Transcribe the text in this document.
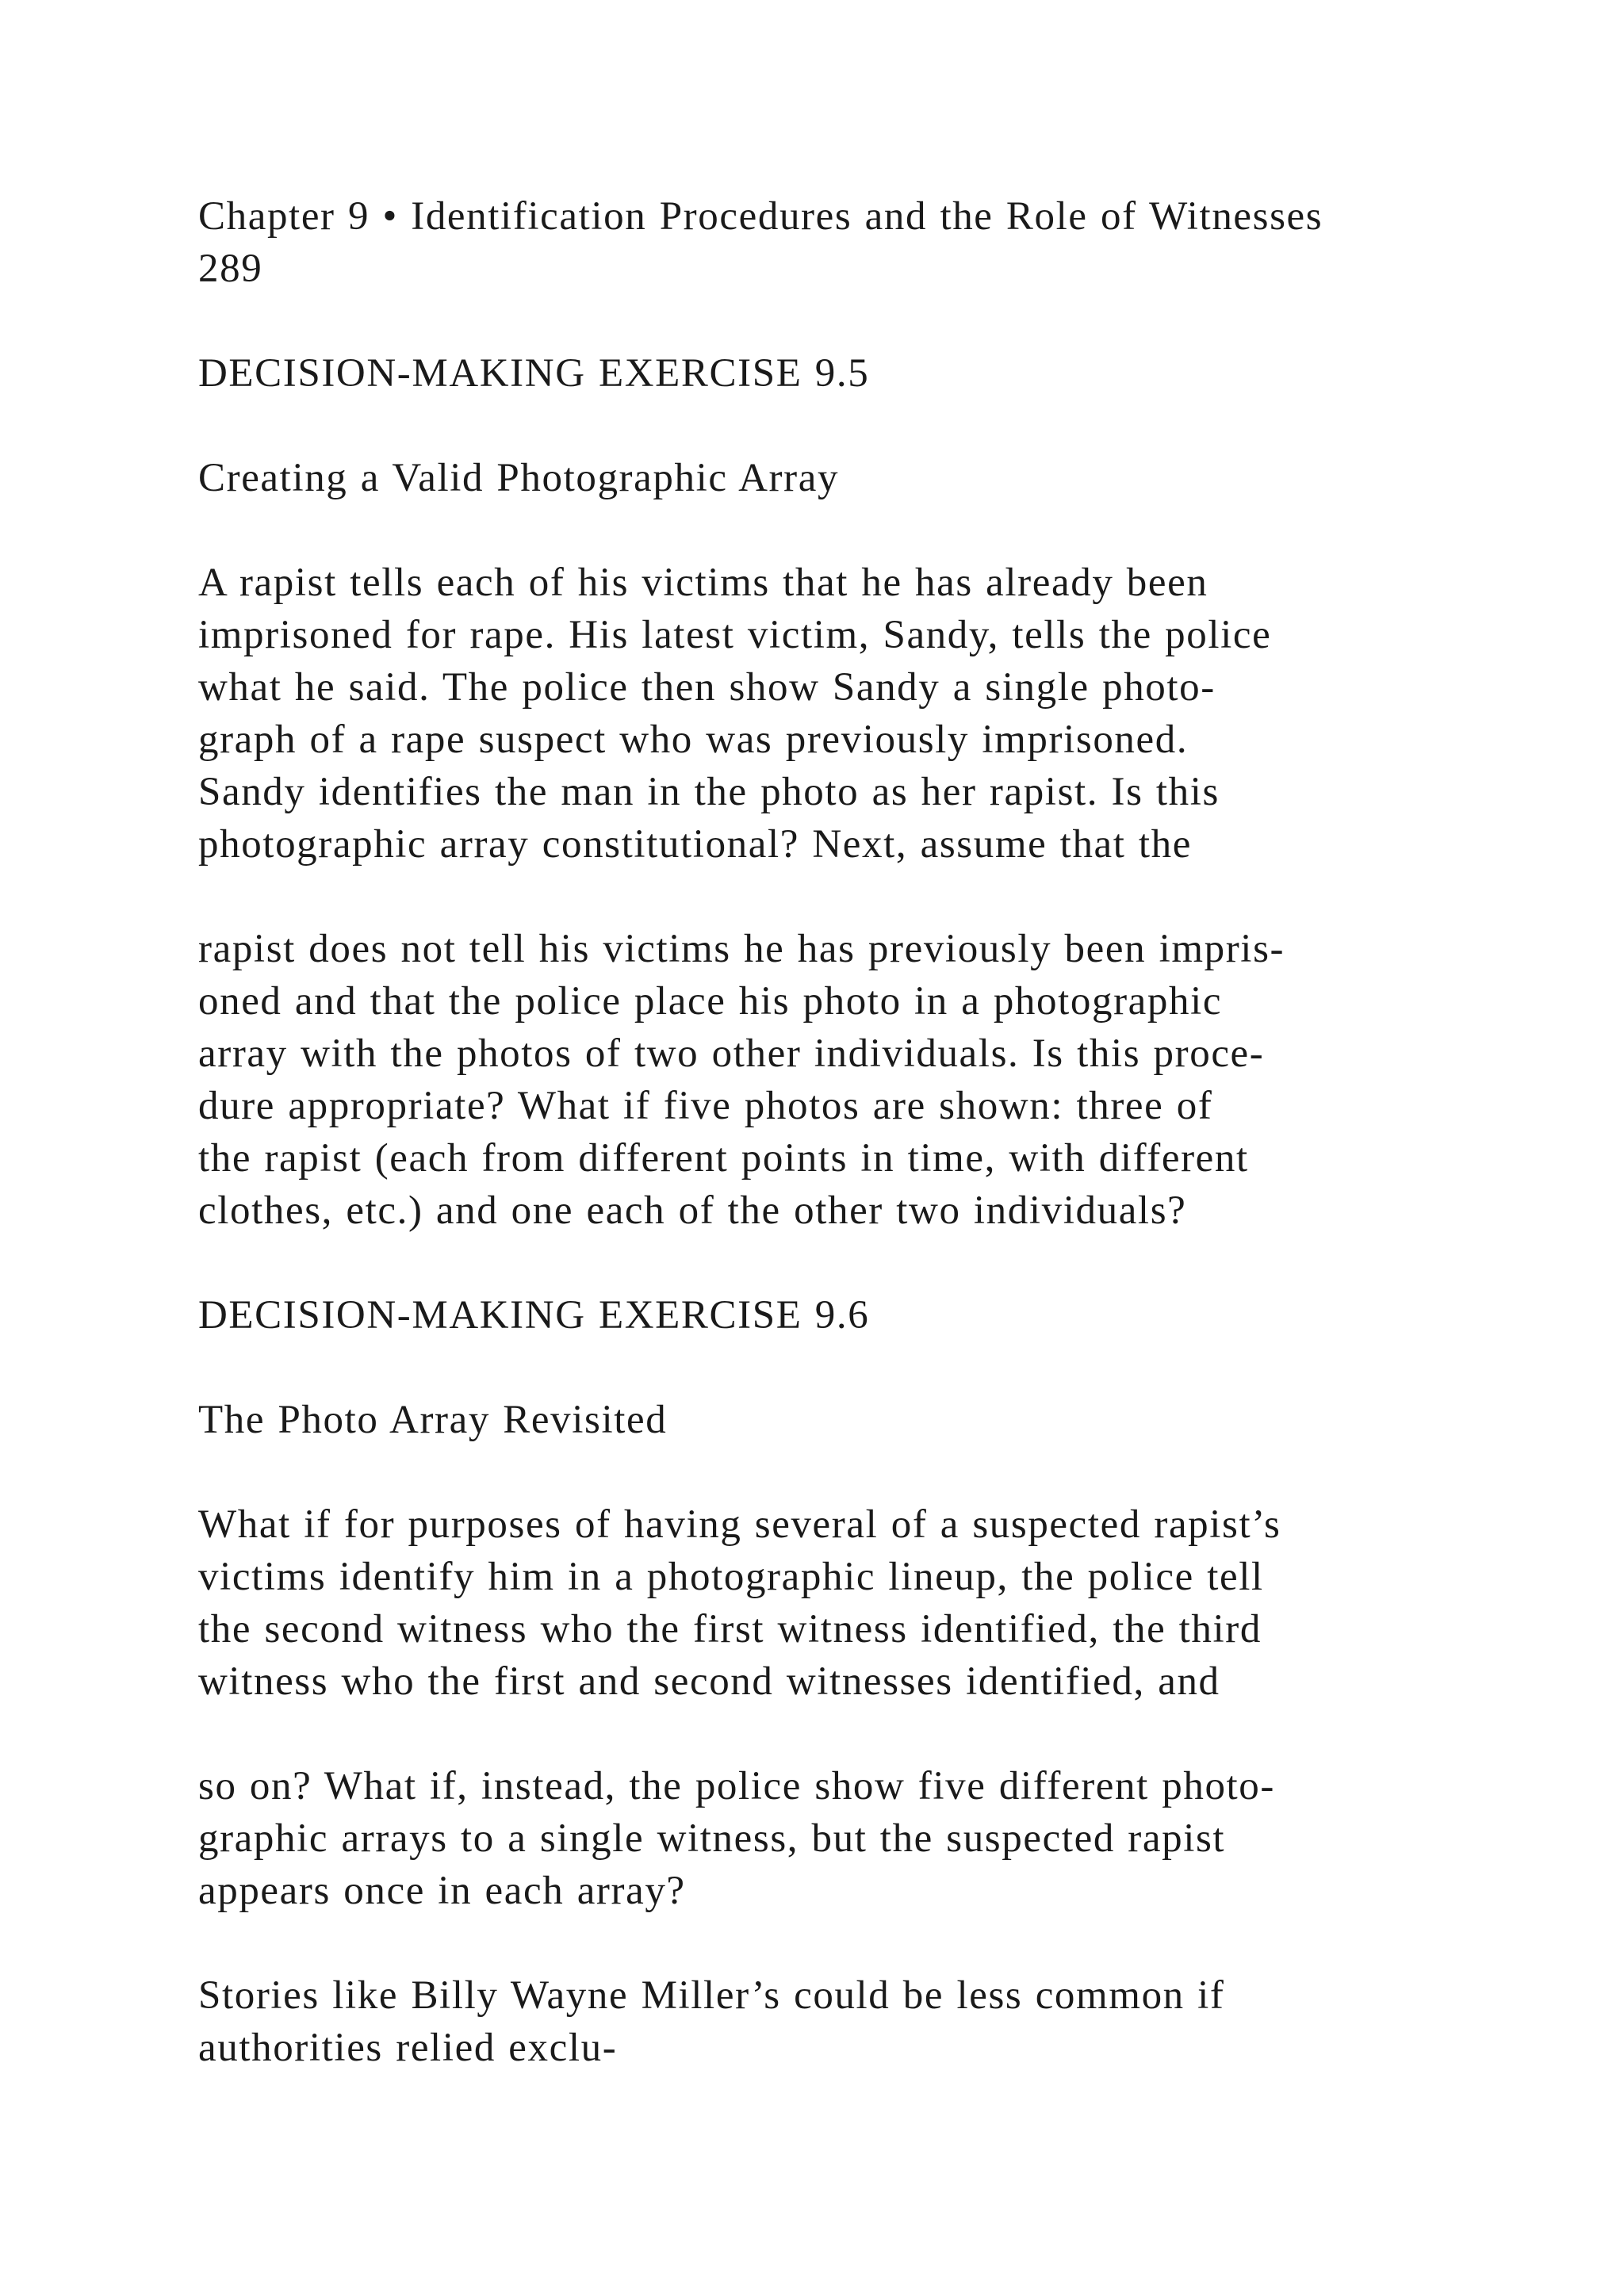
Chapter 9 • Identification Procedures and the Role of Witnesses
289
DECISION-MAKING EXERCISE 9.5
Creating a Valid Photographic Array
A rapist tells each of his victims that he has already been
imprisoned for rape. His latest victim, Sandy, tells the police
what he said. The police then show Sandy a single photo-
graph of a rape suspect who was previously imprisoned.
Sandy identifies the man in the photo as her rapist. Is this
photographic array constitutional? Next, assume that the
rapist does not tell his victims he has previously been impris-
oned and that the police place his photo in a photographic
array with the photos of two other individuals. Is this proce-
dure appropriate? What if five photos are shown: three of
the rapist (each from different points in time, with different
clothes, etc.) and one each of the other two individuals?
DECISION-MAKING EXERCISE 9.6
The Photo Array Revisited
What if for purposes of having several of a suspected rapist’s
victims identify him in a photographic lineup, the police tell
the second witness who the first witness identified, the third
witness who the first and second witnesses identified, and
so on? What if, instead, the police show five different photo-
graphic arrays to a single witness, but the suspected rapist
appears once in each array?
Stories like Billy Wayne Miller’s could be less common if
authorities relied exclu-
